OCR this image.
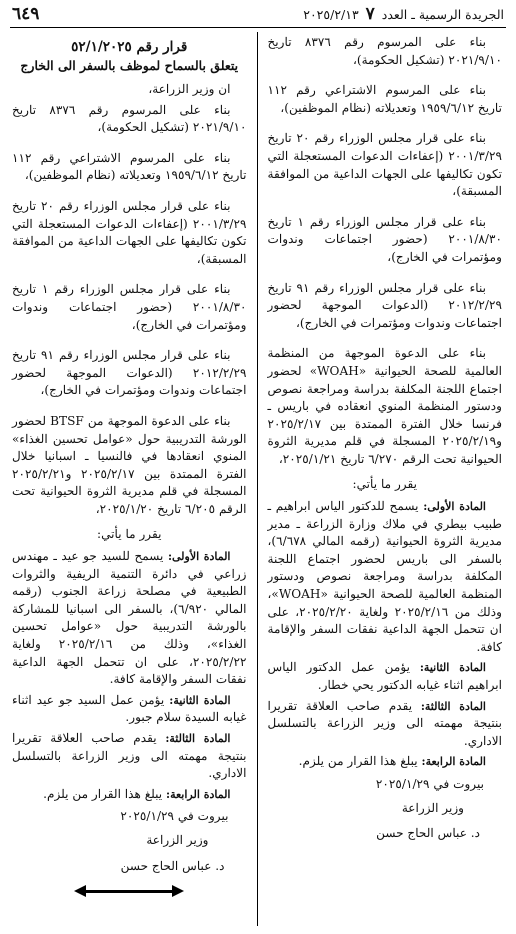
الجريدة الرسمية ـ العدد ٧ ٢٠٢٥/٢/١٣
٦٤٩

بناء على المرسوم رقم ٨٣٧٦ تاريخ ٢٠٢١/٩/١٠ (تشكيل الحكومة)،

بناء على المرسوم الاشتراعي رقم ١١٢ تاريخ ١٩٥٩/٦/١٢ وتعديلاته (نظام الموظفين)،

بناء على قرار مجلس الوزراء رقم ٢٠ تاريخ ٢٠٠١/٣/٢٩ (إعفاءات الدعوات المستعجلة التي تكون تكاليفها على الجهات الداعية من الموافقة المسبقة)،

بناء على قرار مجلس الوزراء رقم ١ تاريخ ٢٠٠١/٨/٣٠ (حضور اجتماعات وندوات ومؤتمرات في الخارج)،

بناء على قرار مجلس الوزراء رقم ٩١ تاريخ ٢٠١٢/٢/٢٩ (الدعوات الموجهة لحضور اجتماعات وندوات ومؤتمرات في الخارج)،

بناء على الدعوة الموجهة من المنظمة العالمية للصحة الحيوانية «WOAH» لحضور اجتماع اللجنة المكلفة بدراسة ومراجعة نصوص ودستور المنظمة المنوي انعقاده في باريس ـ فرنسا خلال الفترة الممتدة بين ٢٠٢٥/٢/١٧ و٢٠٢٥/٢/١٩ المسجلة في قلم مديرية الثروة الحيوانية تحت الرقم ٦/٢٧٠ تاريخ ٢٠٢٥/١/٢١،

يقرر ما يأتي:

المادة الأولى: يسمح للدكتور الياس ابراهيم ـ طبيب بيطري في ملاك وزارة الزراعة ـ مدير مديرية الثروة الحيوانية (رقمه المالي ٦/٦٧٨)، بالسفر الى باريس لحضور اجتماع اللجنة المكلفة بدراسة ومراجعة نصوص ودستور المنظمة العالمية للصحة الحيوانية «WOAH»، وذلك من ٢٠٢٥/٢/١٦ ولغاية ٢٠٢٥/٢/٢٠، على ان تتحمل الجهة الداعية نفقات السفر والإقامة كافة.

المادة الثانية: يؤمن عمل الدكتور الياس ابراهيم اثناء غيابه الدكتور يحي خطار.

المادة الثالثة: يقدم صاحب العلاقة تقريرا بنتيجة مهمته الى وزير الزراعة بالتسلسل الاداري.

المادة الرابعة: يبلغ هذا القرار من يلزم.

بيروت في ٢٠٢٥/١/٢٩

وزير الزراعة

د. عباس الحاج حسن

قرار رقم ٥٢/١/٢٠٢٥

يتعلق بالسماح لموظف بالسفر الى الخارج

ان وزير الزراعة،

بناء على المرسوم رقم ٨٣٧٦ تاريخ ٢٠٢١/٩/١٠ (تشكيل الحكومة)،

بناء على المرسوم الاشتراعي رقم ١١٢ تاريخ ١٩٥٩/٦/١٢ وتعديلاته (نظام الموظفين)،

بناء على قرار مجلس الوزراء رقم ٢٠ تاريخ ٢٠٠١/٣/٢٩ (إعفاءات الدعوات المستعجلة التي تكون تكاليفها على الجهات الداعية من الموافقة المسبقة)،

بناء على قرار مجلس الوزراء رقم ١ تاريخ ٢٠٠١/٨/٣٠ (حضور اجتماعات وندوات ومؤتمرات في الخارج)،

بناء على قرار مجلس الوزراء رقم ٩١ تاريخ ٢٠١٢/٢/٢٩ (الدعوات الموجهة لحضور اجتماعات وندوات ومؤتمرات في الخارج)،

بناء على الدعوة الموجهة من BTSF لحضور الورشة التدريبية حول «عوامل تحسين الغذاء» المنوي انعقادها في فالنسيا ـ اسبانيا خلال الفترة الممتدة بين ٢٠٢٥/٢/١٧ و٢٠٢٥/٢/٢١ المسجلة في قلم مديرية الثروة الحيوانية تحت الرقم ٦/٢٠٥ تاريخ ٢٠٢٥/١/٢٠،

يقرر ما يأتي:

المادة الأولى: يسمح للسيد جو عيد ـ مهندس زراعي في دائرة التنمية الريفية والثروات الطبيعية في مصلحة زراعة الجنوب (رقمه المالي ٦/٩٢٠)، بالسفر الى اسبانيا للمشاركة بالورشة التدريبية حول «عوامل تحسين الغذاء»، وذلك من ٢٠٢٥/٢/١٦ ولغاية ٢٠٢٥/٢/٢٢، على ان تتحمل الجهة الداعية نفقات السفر والإقامة كافة.

المادة الثانية: يؤمن عمل السيد جو عيد اثناء غيابه السيدة سلام جبور.

المادة الثالثة: يقدم صاحب العلاقة تقريرا بنتيجة مهمته الى وزير الزراعة بالتسلسل الاداري.

المادة الرابعة: يبلغ هذا القرار من يلزم.

بيروت في ٢٠٢٥/١/٢٩

وزير الزراعة

د. عباس الحاج حسن
